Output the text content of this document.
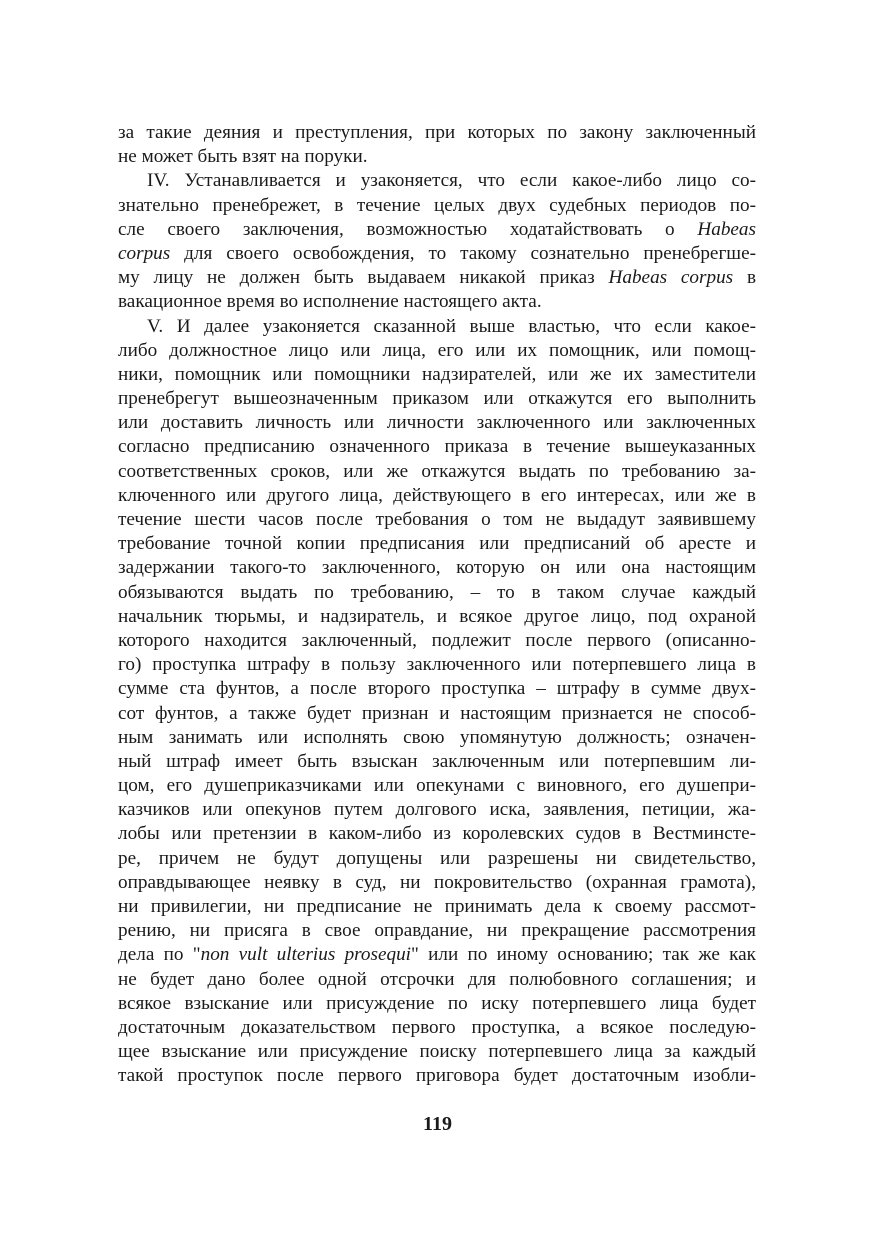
за такие деяния и преступления, при которых по закону заключенный
не может быть взят на поруки.
IV. Устанавливается и узаконяется, что если какое-либо лицо со-
знательно пренебрежет, в течение целых двух судебных периодов по-
сле своего заключения, возможностью ходатайствовать о Habeas
corpus для своего освобождения, то такому сознательно пренебрегше-
му лицу не должен быть выдаваем никакой приказ Habeas corpus в
вакационное время во исполнение настоящего акта.
V. И далее узаконяется сказанной выше властью, что если какое-
либо должностное лицо или лица, его или их помощник, или помощ-
ники, помощник или помощники надзирателей, или же их заместители
пренебрегут вышеозначенным приказом или откажутся его выполнить
или доставить личность или личности заключенного или заключенных
согласно предписанию означенного приказа в течение вышеуказанных
соответственных сроков, или же откажутся выдать по требованию за-
ключенного или другого лица, действующего в его интересах, или же в
течение шести часов после требования о том не выдадут заявившему
требование точной копии предписания или предписаний об аресте и
задержании такого-то заключенного, которую он или она настоящим
обязываются выдать по требованию, – то в таком случае каждый
начальник тюрьмы, и надзиратель, и всякое другое лицо, под охраной
которого находится заключенный, подлежит после первого (описанно-
го) проступка штрафу в пользу заключенного или потерпевшего лица в
сумме ста фунтов, а после второго проступка – штрафу в сумме двух-
сот фунтов, а также будет признан и настоящим признается не способ-
ным занимать или исполнять свою упомянутую должность; означен-
ный штраф имеет быть взыскан заключенным или потерпевшим ли-
цом, его душеприказчиками или опекунами с виновного, его душепри-
казчиков или опекунов путем долгового иска, заявления, петиции, жа-
лобы или претензии в каком-либо из королевских судов в Вестминсте-
ре, причем не будут допущены или разрешены ни свидетельство,
оправдывающее неявку в суд, ни покровительство (охранная грамота),
ни привилегии, ни предписание не принимать дела к своему рассмот-
рению, ни присяга в свое оправдание, ни прекращение рассмотрения
дела по "non vult ulterius prosequi" или по иному основанию; так же как
не будет дано более одной отсрочки для полюбовного соглашения; и
всякое взыскание или присуждение по иску потерпевшего лица будет
достаточным доказательством первого проступка, а всякое последую-
щее взыскание или присуждение поиску потерпевшего лица за каждый
такой проступок после первого приговора будет достаточным изобли-
119
